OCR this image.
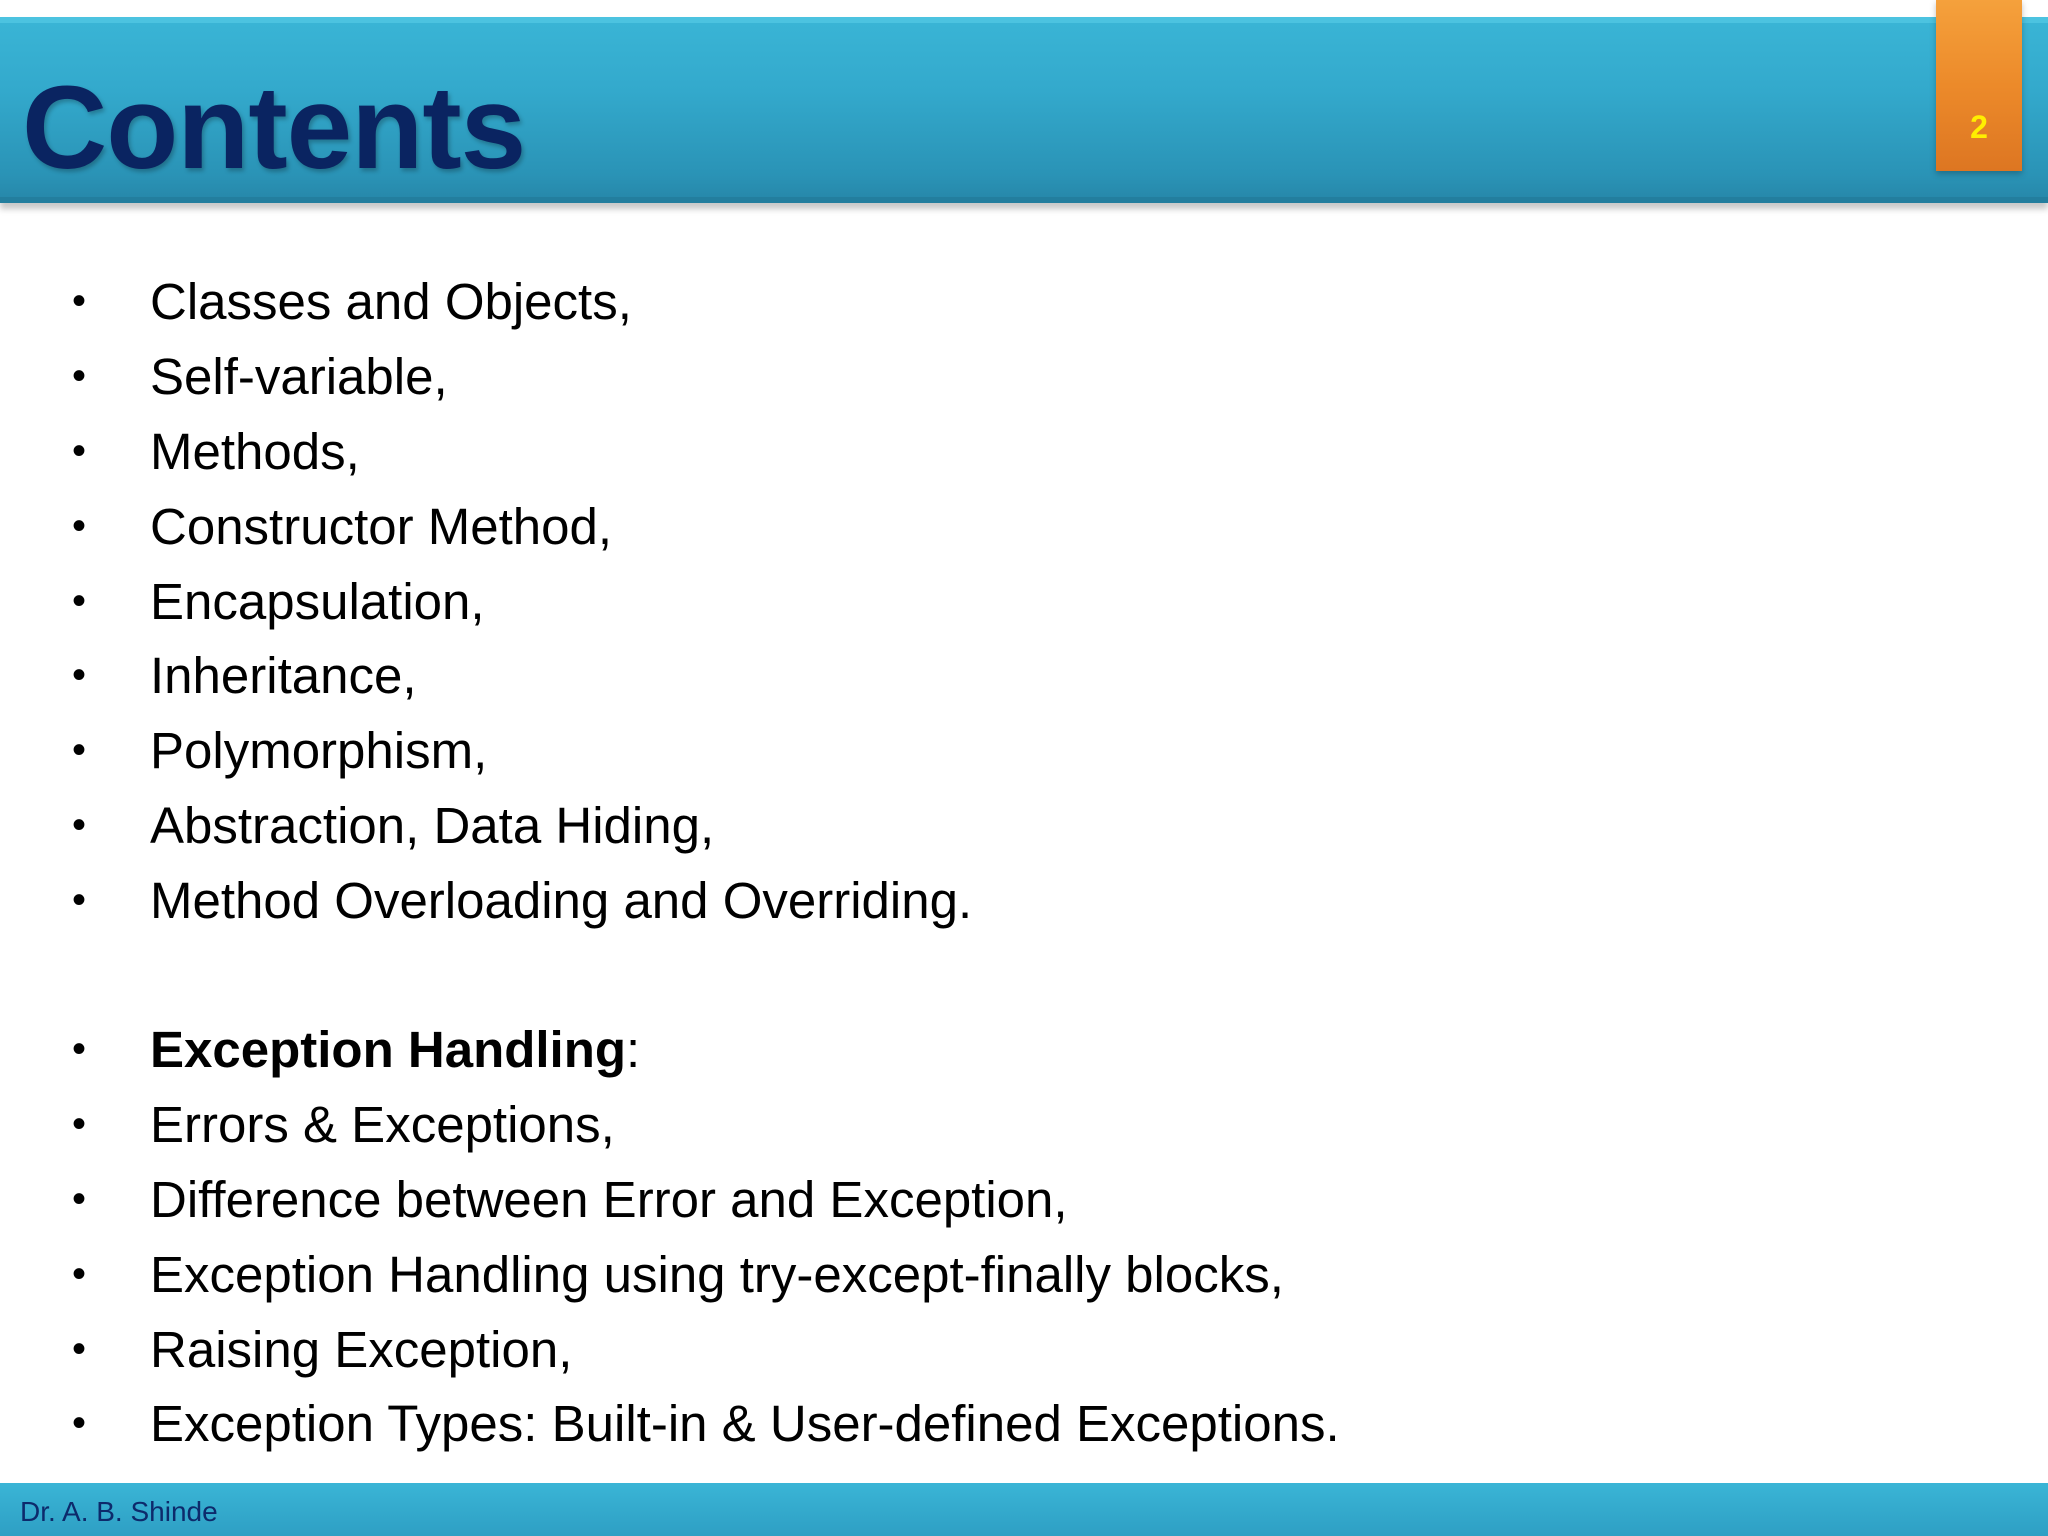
Contents	2
• Classes and Objects,
• Self-variable,
• Methods,
• Constructor Method,
• Encapsulation,
• Inheritance,
• Polymorphism,
• Abstraction, Data Hiding,
• Method Overloading and Overriding.
• Exception Handling:
• Errors & Exceptions,
• Difference between Error and Exception,
• Exception Handling using try-except-finally blocks,
• Raising Exception,
• Exception Types: Built-in & User-defined Exceptions.
Dr. A. B. Shinde
